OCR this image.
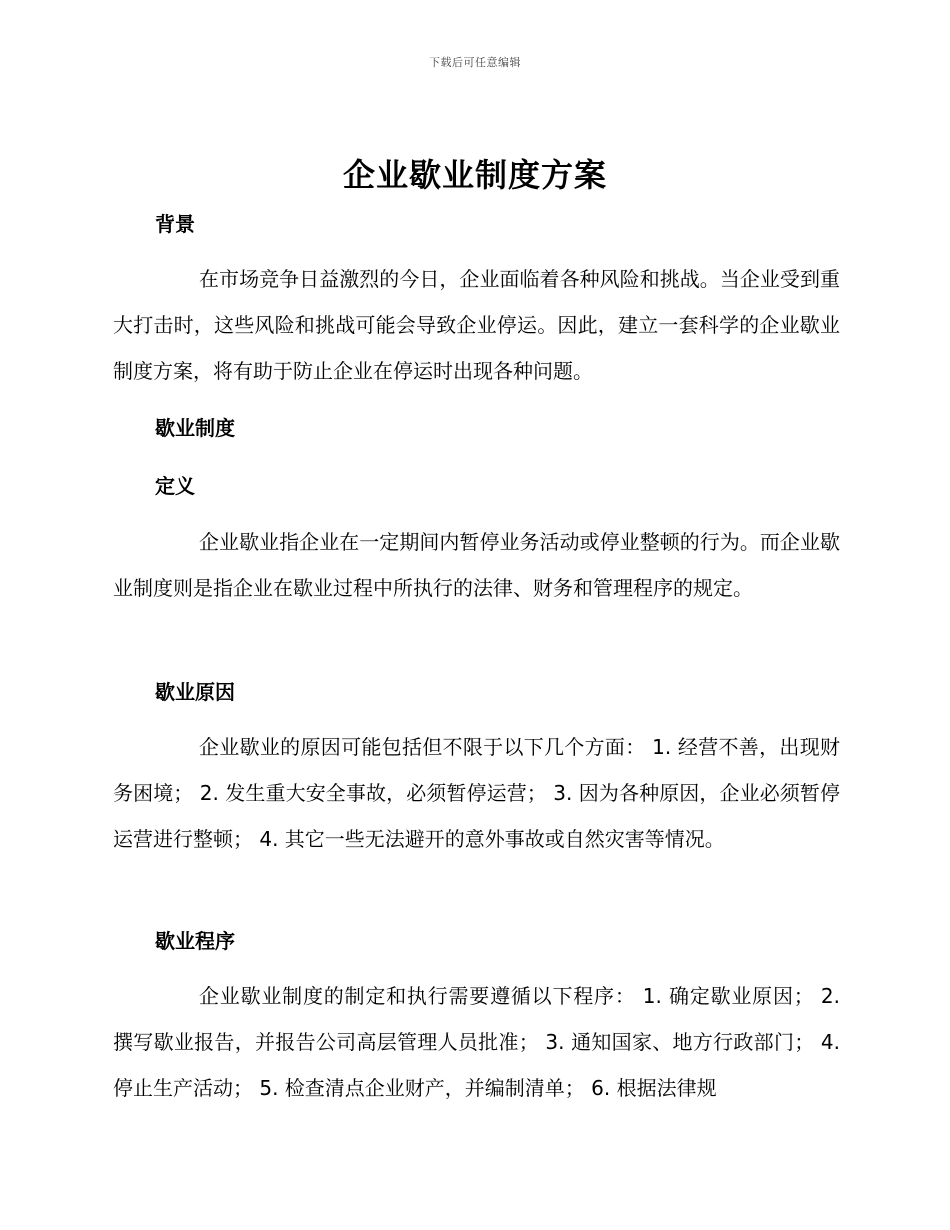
下载后可任意编辑
企业歇业制度方案
背景
在市场竞争日益激烈的今日，企业面临着各种风险和挑战。当企业受到重大打击时，这些风险和挑战可能会导致企业停运。因此，建立一套科学的企业歇业制度方案，将有助于防止企业在停运时出现各种问题。
歇业制度
定义
企业歇业指企业在一定期间内暂停业务活动或停业整顿的行为。而企业歇业制度则是指企业在歇业过程中所执行的法律、财务和管理程序的规定。
歇业原因
企业歇业的原因可能包括但不限于以下几个方面： 1. 经营不善，出现财务困境； 2. 发生重大安全事故，必须暂停运营； 3. 因为各种原因，企业必须暂停运营进行整顿； 4. 其它一些无法避开的意外事故或自然灾害等情况。
歇业程序
企业歇业制度的制定和执行需要遵循以下程序： 1. 确定歇业原因； 2. 撰写歇业报告，并报告公司高层管理人员批准； 3. 通知国家、地方行政部门； 4. 停止生产活动； 5. 检查清点企业财产，并编制清单； 6. 根据法律规
